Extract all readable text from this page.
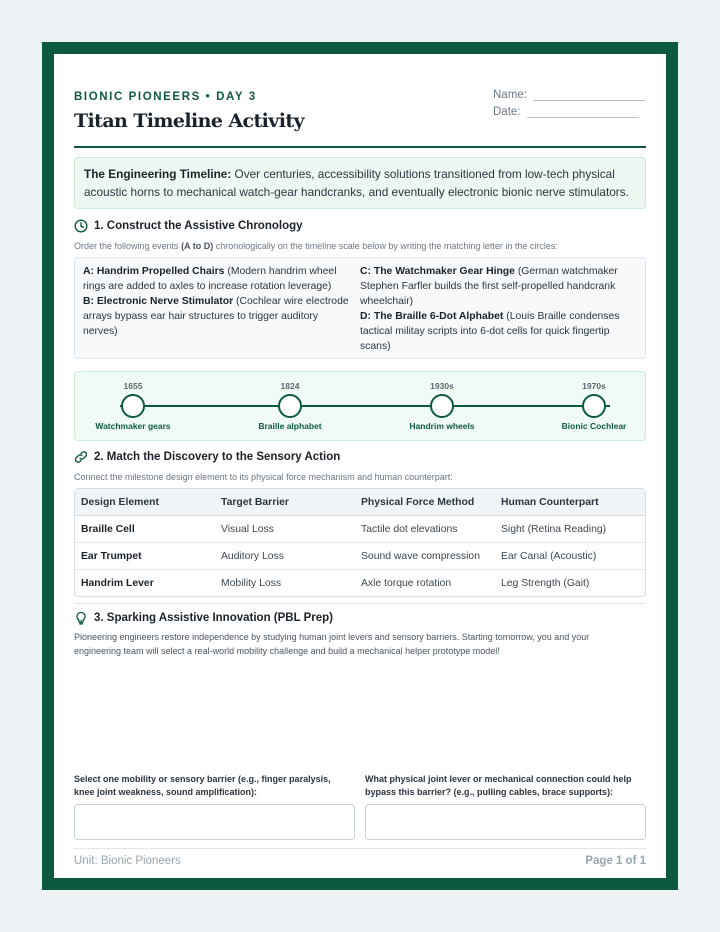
BIONIC PIONEERS • DAY 3
Titan Timeline Activity
Name:
Date:
The Engineering Timeline: Over centuries, accessibility solutions transitioned from low-tech physical acoustic horns to mechanical watch-gear handcranks, and eventually electronic bionic nerve stimulators.
1. Construct the Assistive Chronology
Order the following events (A to D) chronologically on the timeline scale below by writing the matching letter in the circles:
A: Handrim Propelled Chairs (Modern handrim wheel rings are added to axles to increase rotation leverage)
B: Electronic Nerve Stimulator (Cochlear wire electrode arrays bypass ear hair structures to trigger auditory nerves)
C: The Watchmaker Gear Hinge (German watchmaker Stephen Farfler builds the first self-propelled handcrank wheelchair)
D: The Braille 6-Dot Alphabet (Louis Braille condenses tactical militay scripts into 6-dot cells for quick fingertip scans)
1655
Watchmaker gears
1824
Braille alphabet
1930s
Handrim wheels
1970s
Bionic Cochlear
2. Match the Discovery to the Sensory Action
Connect the milestone design element to its physical force mechanism and human counterpart:
Design Element	Target Barrier	Physical Force Method	Human Counterpart
Braille Cell	Visual Loss	Tactile dot elevations	Sight (Retina Reading)
Ear Trumpet	Auditory Loss	Sound wave compression	Ear Canal (Acoustic)
Handrim Lever	Mobility Loss	Axle torque rotation	Leg Strength (Gait)
3. Sparking Assistive Innovation (PBL Prep)
Pioneering engineers restore independence by studying human joint levers and sensory barriers. Starting tomorrow, you and your engineering team will select a real-world mobility challenge and build a mechanical helper prototype model!
Select one mobility or sensory barrier (e.g., finger paralysis, knee joint weakness, sound amplification):
What physical joint lever or mechanical connection could help bypass this barrier? (e.g., pulling cables, brace supports):
Unit: Bionic Pioneers	Page 1 of 1
